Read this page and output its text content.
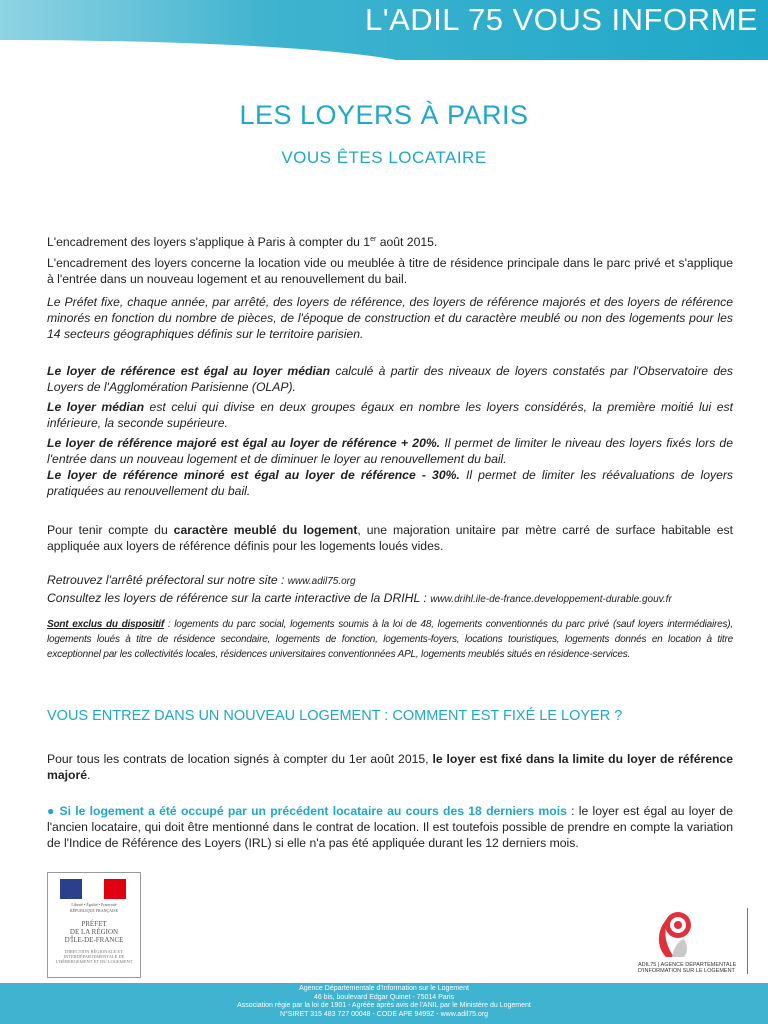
L'ADIL 75 VOUS INFORME
LES LOYERS À PARIS
VOUS ÊTES LOCATAIRE

L'encadrement des loyers s'applique à Paris à compter du 1er août 2015.

L'encadrement des loyers concerne la location vide ou meublée à titre de résidence principale dans le parc privé et s'applique à l'entrée dans un nouveau logement et au renouvellement du bail.

Le Préfet fixe, chaque année, par arrêté, des loyers de référence, des loyers de référence majorés et des loyers de référence minorés en fonction du nombre de pièces, de l'époque de construction et du caractère meublé ou non des logements pour les 14 secteurs géographiques définis sur le territoire parisien.

Le loyer de référence est égal au loyer médian calculé à partir des niveaux de loyers constatés par l'Observatoire des Loyers de l'Agglomération Parisienne (OLAP).

Le loyer médian est celui qui divise en deux groupes égaux en nombre les loyers considérés, la première moitié lui est inférieure, la seconde supérieure.

Le loyer de référence majoré est égal au loyer de référence + 20%. Il permet de limiter le niveau des loyers fixés lors de l'entrée dans un nouveau logement et de diminuer le loyer au renouvellement du bail.

Le loyer de référence minoré est égal au loyer de référence - 30%. Il permet de limiter les réévaluations de loyers pratiquées au renouvellement du bail.

Pour tenir compte du caractère meublé du logement, une majoration unitaire par mètre carré de surface habitable est appliquée aux loyers de référence définis pour les logements loués vides.
Retrouvez l'arrêté préfectoral sur notre site : www.adil75.org
Consultez les loyers de référence sur la carte interactive de la DRIHL : www.drihl.ile-de-france.developpement-durable.gouv.fr
Sont exclus du dispositif : logements du parc social, logements soumis à la loi de 48, logements conventionnés du parc privé (sauf loyers intermédiaires), logements loués à titre de résidence secondaire, logements de fonction, logements-foyers, locations touristiques, logements donnés en location à titre exceptionnel par les collectivités locales, résidences universitaires conventionnées APL, logements meublés situés en résidence-services.
VOUS ENTREZ DANS UN NOUVEAU LOGEMENT : COMMENT EST FIXÉ LE LOYER ?
Pour tous les contrats de location signés à compter du 1er août 2015, le loyer est fixé dans la limite du loyer de référence majoré.
● Si le logement a été occupé par un précédent locataire au cours des 18 derniers mois : le loyer est égal au loyer de l'ancien locataire, qui doit être mentionné dans le contrat de location. Il est toutefois possible de prendre en compte la variation de l'Indice de Référence des Loyers (IRL) si elle n'a pas été appliquée durant les 12 derniers mois.
Liberté • Égalité • Fraternité
RÉPUBLIQUE FRANÇAISE
PRÉFET
DE LA RÉGION
D'ÎLE-DE-FRANCE
DIRECTION RÉGIONALE ET INTERDÉPARTEMENTALE DE L'HÉBERGEMENT ET DU LOGEMENT
ADIL75 | AGENCE DÉPARTEMENTALE D'INFORMATION SUR LE LOGEMENT
Agence Départementale d'Information sur le Logement
46 bis, boulevard Edgar Quinet - 75014 Paris
Association régie par la loi de 1901 - Agréée après avis de l'ANIL par le Ministère du Logement
N°SIRET 315 483 727 00048 - CODE APE 9499Z - www.adil75.org
